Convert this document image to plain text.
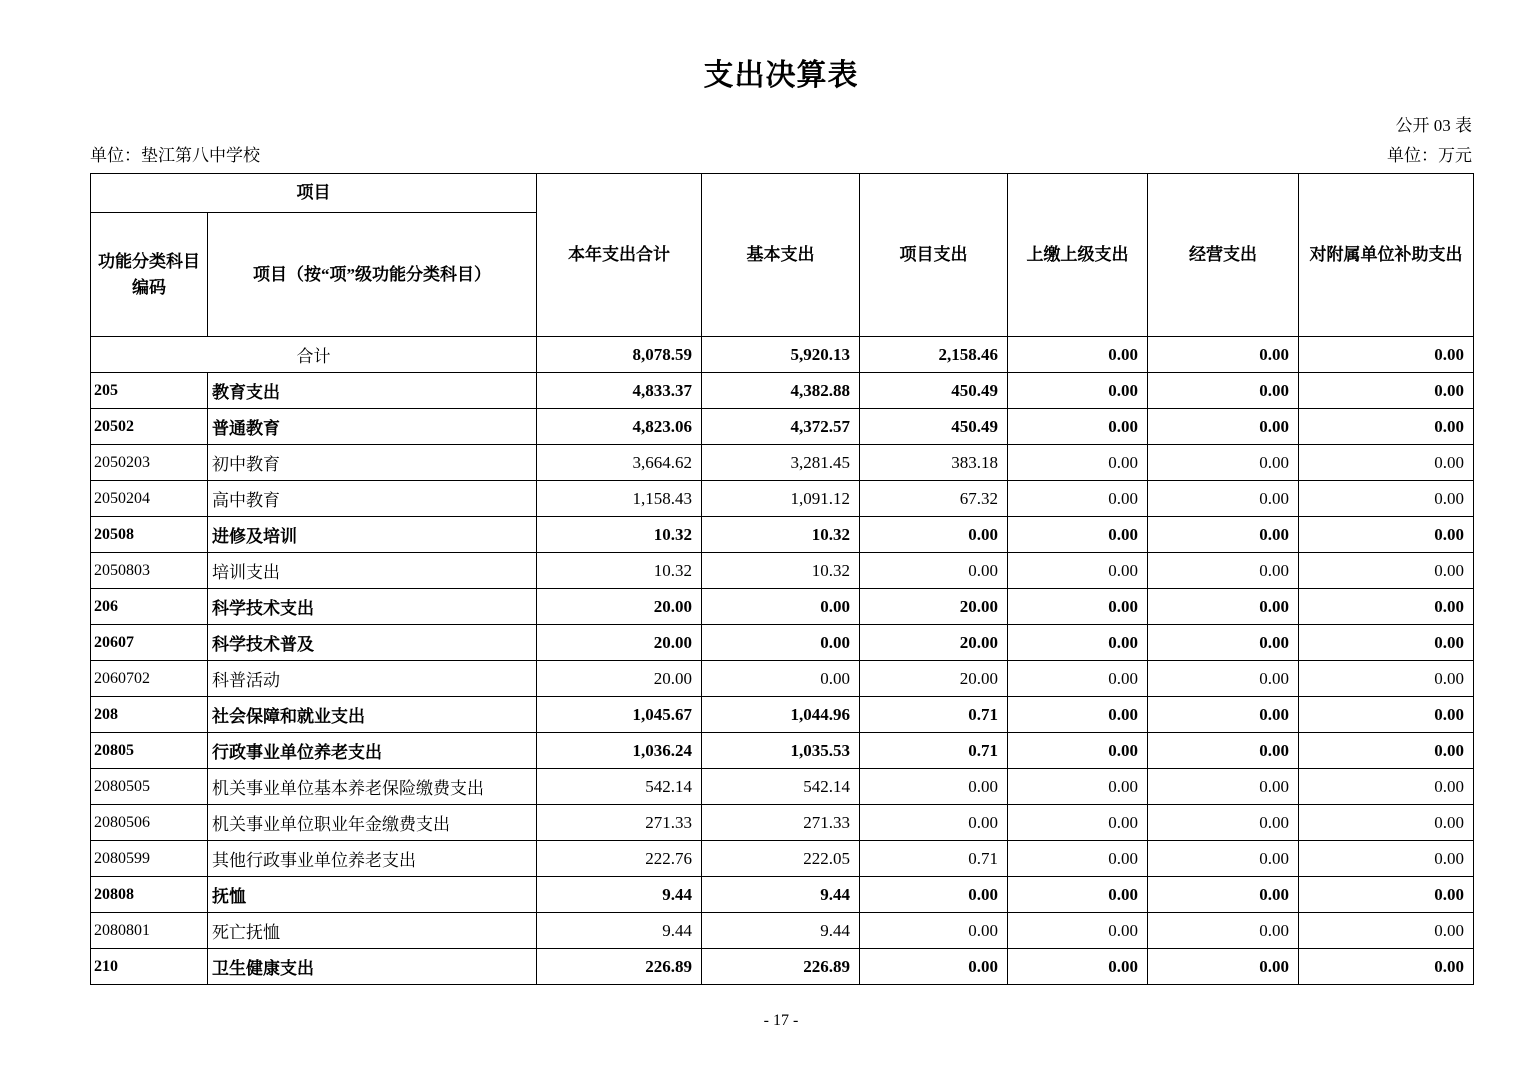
支出决算表
公开 03 表
单位：垫江第八中学校	单位：万元
项目		本年支出合计	基本支出	项目支出	上缴上级支出	经营支出	对附属单位补助支出
功能分类科目编码	项目（按“项”级功能分类科目）						
合计		8,078.59	5,920.13	2,158.46	0.00	0.00	0.00
205	教育支出	4,833.37	4,382.88	450.49	0.00	0.00	0.00
20502	普通教育	4,823.06	4,372.57	450.49	0.00	0.00	0.00
2050203	初中教育	3,664.62	3,281.45	383.18	0.00	0.00	0.00
2050204	高中教育	1,158.43	1,091.12	67.32	0.00	0.00	0.00
20508	进修及培训	10.32	10.32	0.00	0.00	0.00	0.00
2050803	培训支出	10.32	10.32	0.00	0.00	0.00	0.00
206	科学技术支出	20.00	0.00	20.00	0.00	0.00	0.00
20607	科学技术普及	20.00	0.00	20.00	0.00	0.00	0.00
2060702	科普活动	20.00	0.00	20.00	0.00	0.00	0.00
208	社会保障和就业支出	1,045.67	1,044.96	0.71	0.00	0.00	0.00
20805	行政事业单位养老支出	1,036.24	1,035.53	0.71	0.00	0.00	0.00
2080505	机关事业单位基本养老保险缴费支出	542.14	542.14	0.00	0.00	0.00	0.00
2080506	机关事业单位职业年金缴费支出	271.33	271.33	0.00	0.00	0.00	0.00
2080599	其他行政事业单位养老支出	222.76	222.05	0.71	0.00	0.00	0.00
20808	抚恤	9.44	9.44	0.00	0.00	0.00	0.00
2080801	死亡抚恤	9.44	9.44	0.00	0.00	0.00	0.00
210	卫生健康支出	226.89	226.89	0.00	0.00	0.00	0.00
- 17 -
